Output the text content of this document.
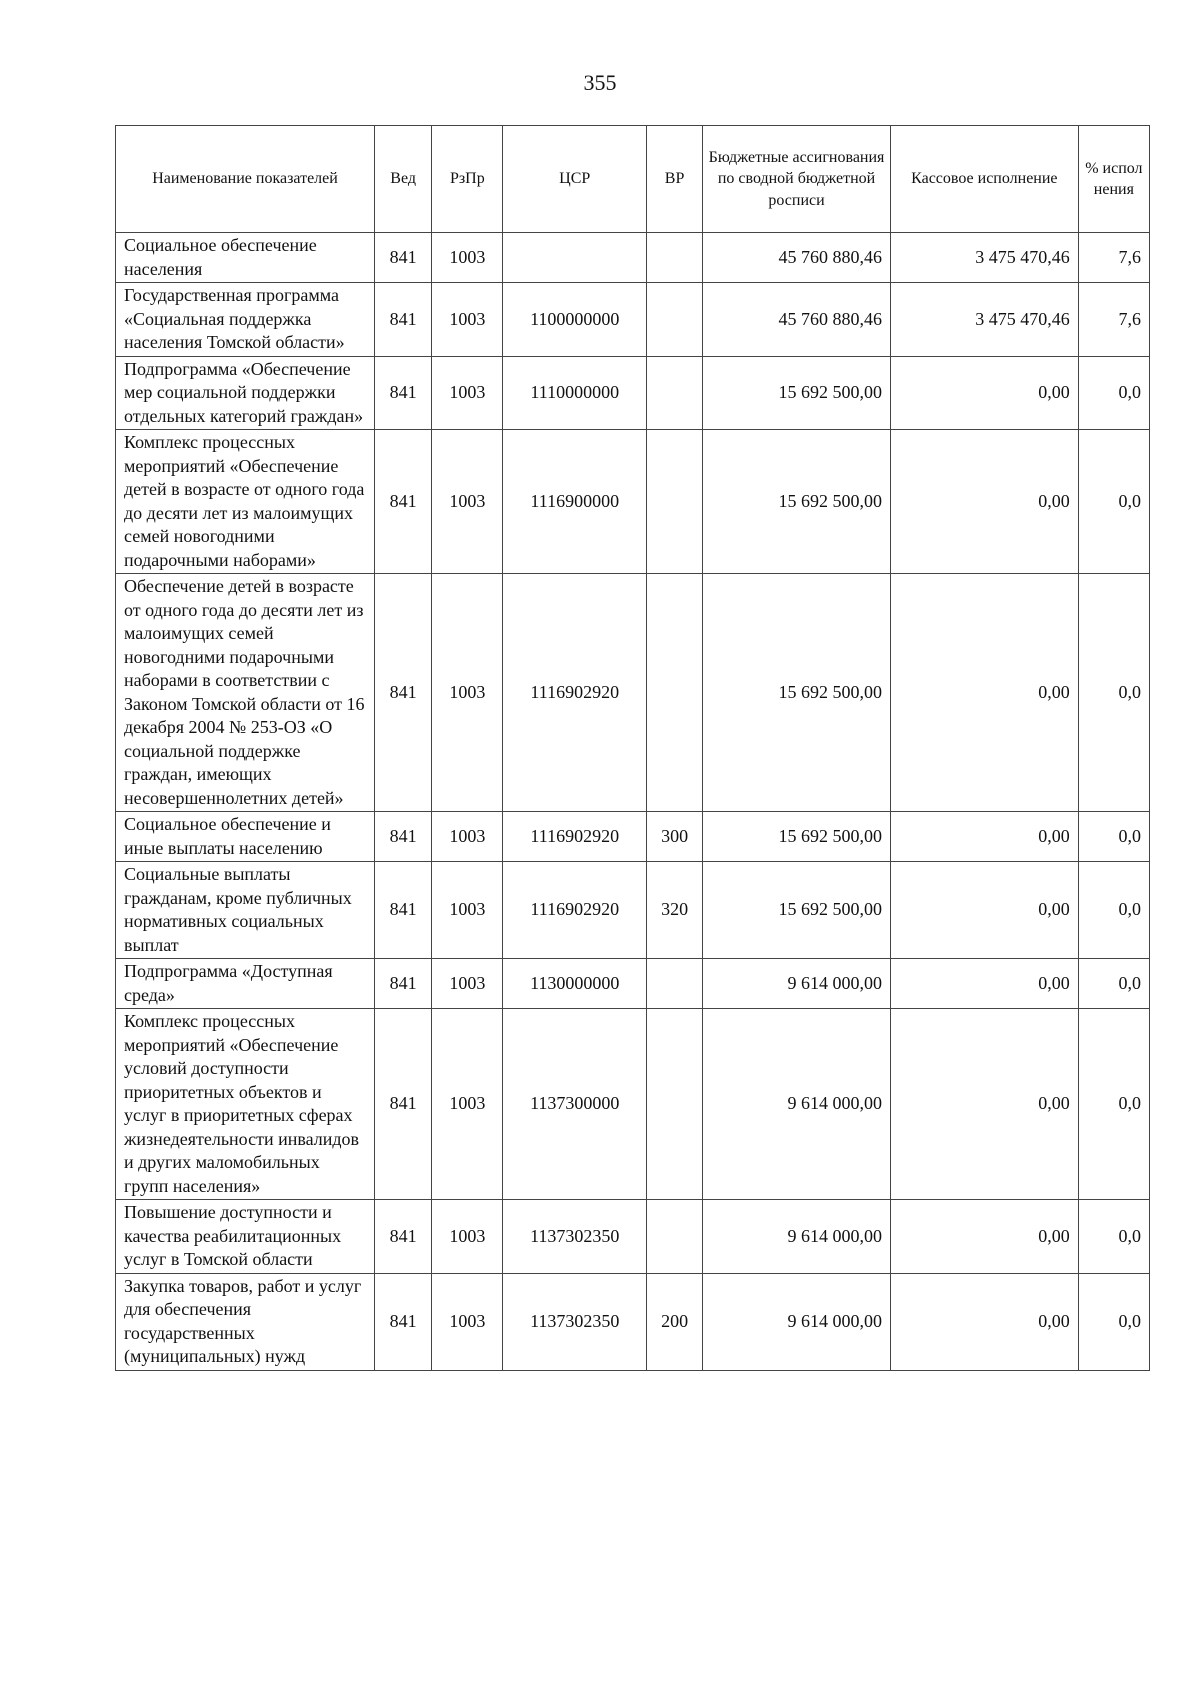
355
Наименование показателей	Вед	РзПр	ЦСР	ВР	Бюджетные ассигнования по сводной бюджетной росписи	Кассовое исполнение	% испол нения
Социальное обеспечение населения	841	1003			45 760 880,46	3 475 470,46	7,6
Государственная программа «Социальная поддержка населения Томской области»	841	1003	1100000000		45 760 880,46	3 475 470,46	7,6
Подпрограмма «Обеспечение мер социальной поддержки отдельных категорий граждан»	841	1003	1110000000		15 692 500,00	0,00	0,0
Комплекс процессных мероприятий «Обеспечение детей в возрасте от одного года до десяти лет из малоимущих семей новогодними подарочными наборами»	841	1003	1116900000		15 692 500,00	0,00	0,0
Обеспечение детей в возрасте от одного года до десяти лет из малоимущих семей новогодними подарочными наборами в соответствии с Законом Томской области от 16 декабря 2004 № 253-ОЗ «О социальной поддержке граждан, имеющих несовершеннолетних детей»	841	1003	1116902920		15 692 500,00	0,00	0,0
Социальное обеспечение и иные выплаты населению	841	1003	1116902920	300	15 692 500,00	0,00	0,0
Социальные выплаты гражданам, кроме публичных нормативных социальных выплат	841	1003	1116902920	320	15 692 500,00	0,00	0,0
Подпрограмма «Доступная среда»	841	1003	1130000000		9 614 000,00	0,00	0,0
Комплекс процессных мероприятий «Обеспечение условий доступности приоритетных объектов и услуг в приоритетных сферах жизнедеятельности инвалидов и других маломобильных групп населения»	841	1003	1137300000		9 614 000,00	0,00	0,0
Повышение доступности и качества реабилитационных услуг в Томской области	841	1003	1137302350		9 614 000,00	0,00	0,0
Закупка товаров, работ и услуг для обеспечения государственных (муниципальных) нужд	841	1003	1137302350	200	9 614 000,00	0,00	0,0
